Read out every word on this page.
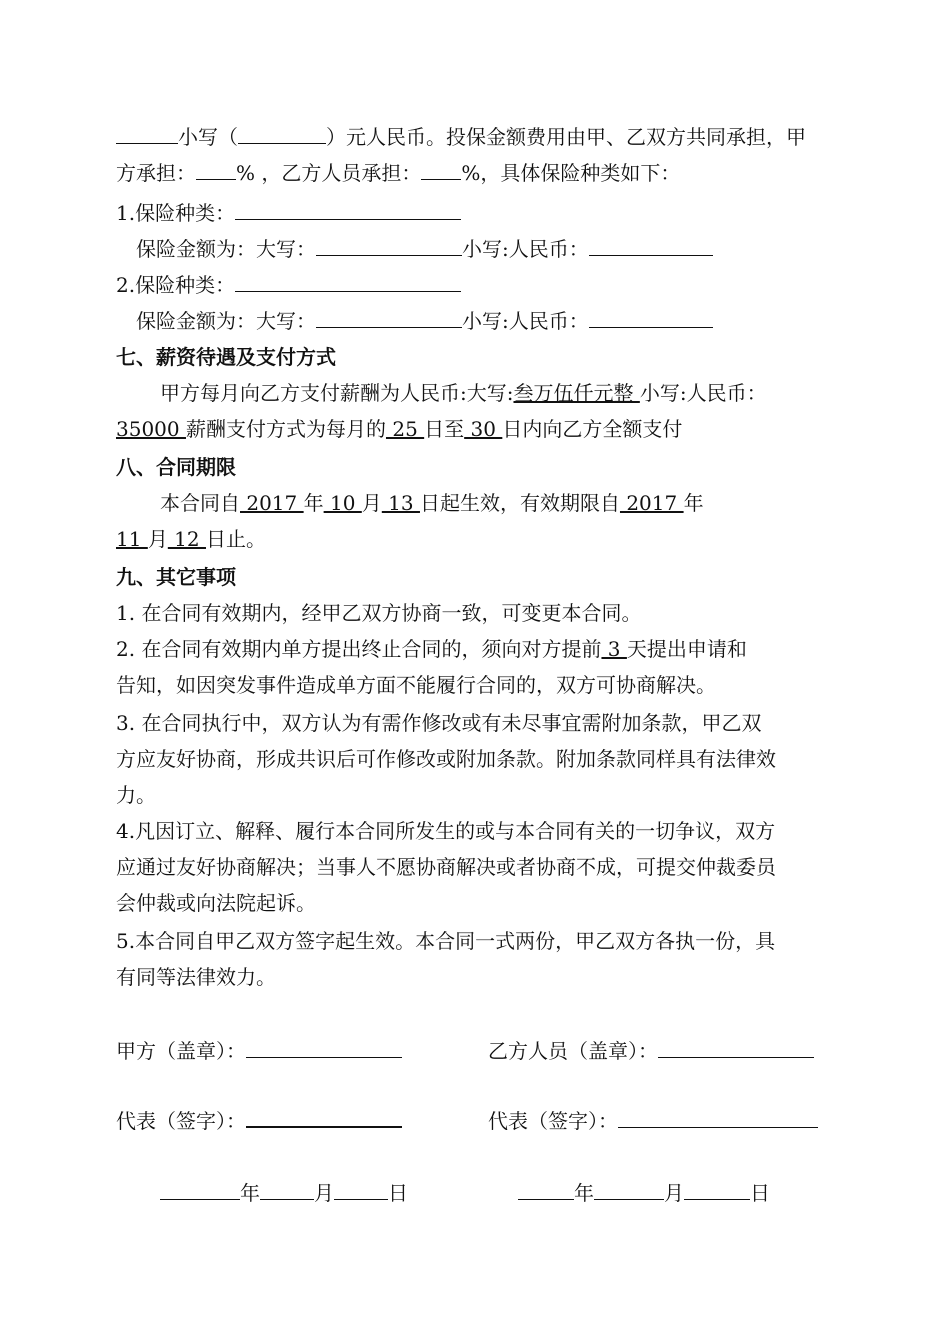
小写（	）元人民币。投保金额费用由甲、乙双方共同承担，甲
方承担： % ，乙方人员承担： %，具体保险种类如下：
1.保险种类：
保险金额为：大写：	小写:人民币：
2.保险种类：
保险金额为：大写：	小写:人民币：
七、薪资待遇及支付方式
甲方每月向乙方支付薪酬为人民币:大写:叁万伍仟元整 小写:人民币：
35000 薪酬支付方式为每月的 25 日至 30 日内向乙方全额支付
八、合同期限
本合同自 2017 年 10 月 13 日起生效，有效期限自 2017 年
11 月 12 日止。
九、其它事项
1. 在合同有效期内，经甲乙双方协商一致，可变更本合同。
2. 在合同有效期内单方提出终止合同的，须向对方提前 3 天提出申请和
告知，如因突发事件造成单方面不能履行合同的，双方可协商解决。
3. 在合同执行中，双方认为有需作修改或有未尽事宜需附加条款，甲乙双
方应友好协商，形成共识后可作修改或附加条款。附加条款同样具有法律效
力。
4.凡因订立、解释、履行本合同所发生的或与本合同有关的一切争议，双方
应通过友好协商解决；当事人不愿协商解决或者协商不成，可提交仲裁委员
会仲裁或向法院起诉。
5.本合同自甲乙双方签字起生效。本合同一式两份，甲乙双方各执一份，具
有同等法律效力。
甲方（盖章）：	乙方人员（盖章）：
代表（签字）：	代表（签字）：
年	月	日	年	月	日
